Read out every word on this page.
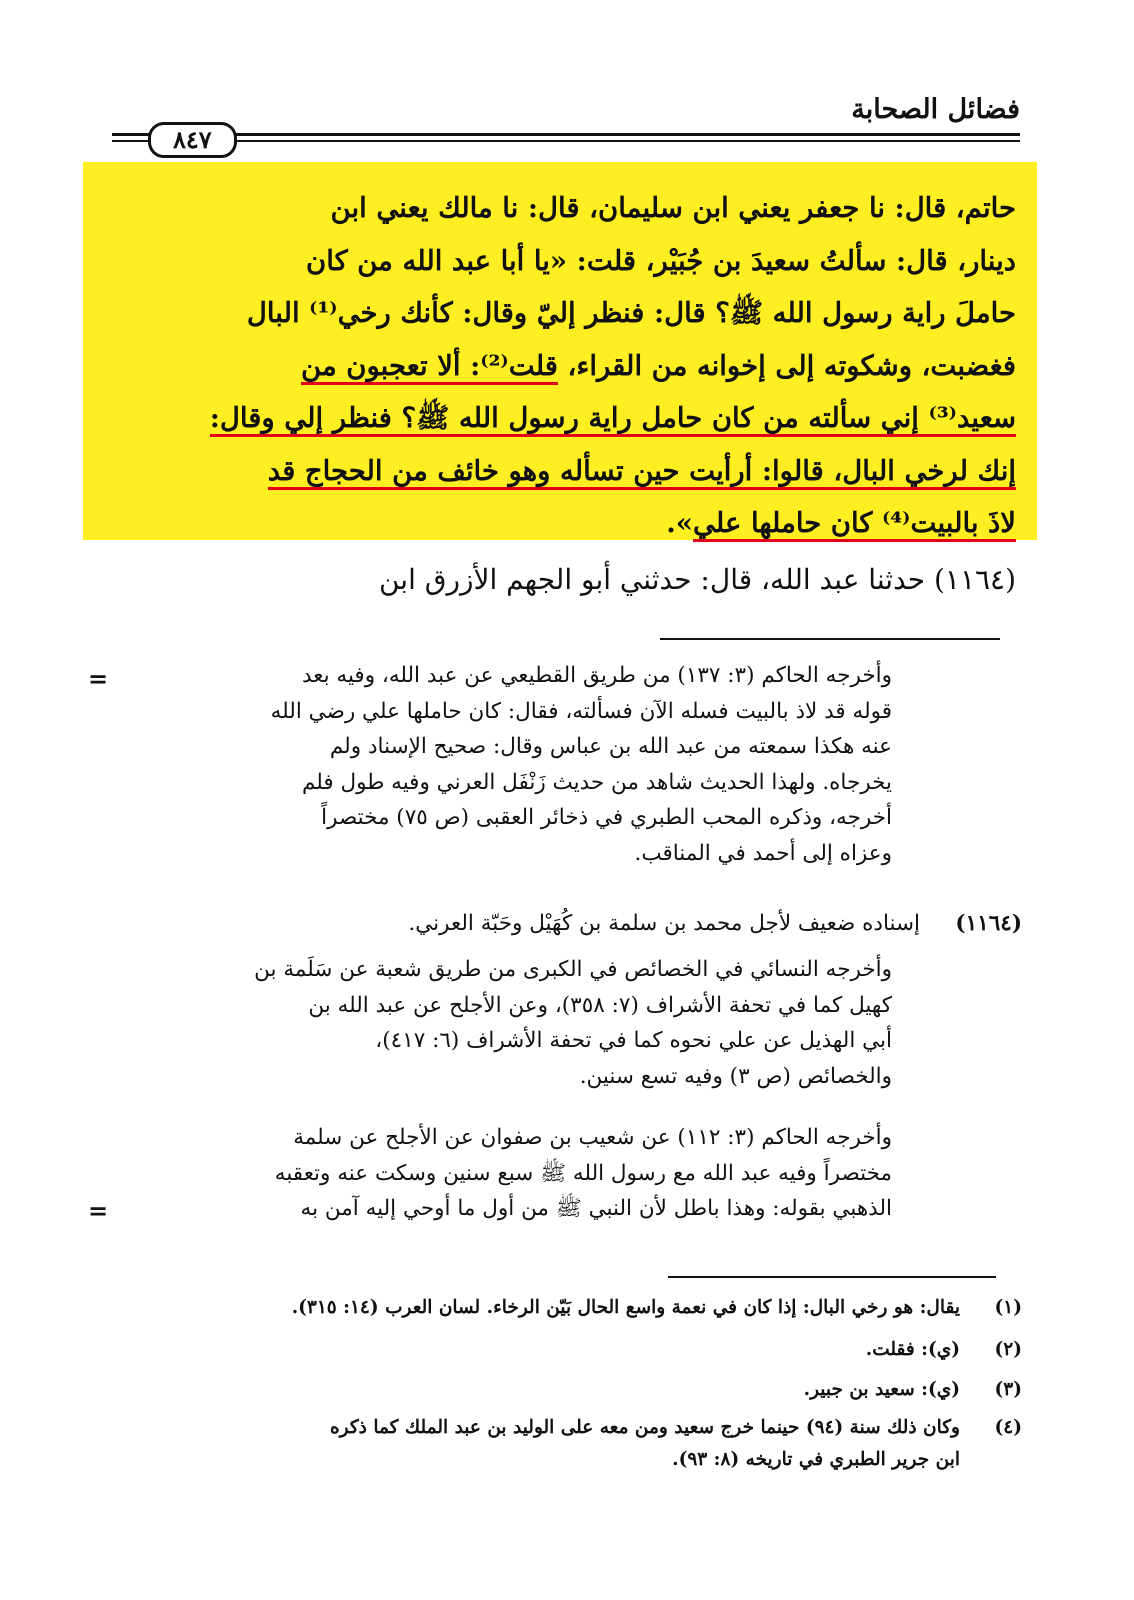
فضائل الصحابة
٨٤٧
حاتم، قال: نا جعفر يعني ابن سليمان، قال: نا مالك يعني ابن
دينار، قال: سألتُ سعيدَ بن جُبَيْر، قلت: «يا أبا عبد الله من كان
حاملَ راية رسول الله ﷺ؟ قال: فنظر إليّ وقال: كأنك رخي⁽¹⁾ البال
فغضبت، وشكوته إلى إخوانه من القراء، قلت⁽²⁾: ألا تعجبون من
سعيد⁽³⁾ إني سألته من كان حامل راية رسول الله ﷺ؟ فنظر إلي وقال:
إنك لرخي البال، قالوا: أرأيت حين تسأله وهو خائف من الحجاج قد
لاذَ بالبيت⁽⁴⁾ كان حاملها علي».
(١١٦٤) حدثنا عبد الله، قال: حدثني أبو الجهم الأزرق ابن
=	وأخرجه الحاكم (٣: ١٣٧) من طريق القطيعي عن عبد الله، وفيه بعد
قوله قد لاذ بالبيت فسله الآن فسألته، فقال: كان حاملها علي رضي الله
عنه هكذا سمعته من عبد الله بن عباس وقال: صحيح الإسناد ولم
يخرجاه. ولهذا الحديث شاهد من حديث زَنْفَل العرني وفيه طول فلم
أخرجه، وذكره المحب الطبري في ذخائر العقبى (ص ٧٥) مختصراً
وعزاه إلى أحمد في المناقب.
(١١٦٤)
إسناده ضعيف لأجل محمد بن سلمة بن كُهَيْل وحَبّة العرني.
وأخرجه النسائي في الخصائص في الكبرى من طريق شعبة عن سَلَمة بن
كهيل كما في تحفة الأشراف (٧: ٣٥٨)، وعن الأجلح عن عبد الله بن
أبي الهذيل عن علي نحوه كما في تحفة الأشراف (٦: ٤١٧)،
والخصائص (ص ٣) وفيه تسع سنين.
وأخرجه الحاكم (٣: ١١٢) عن شعيب بن صفوان عن الأجلح عن سلمة
مختصراً وفيه عبد الله مع رسول الله ﷺ سبع سنين وسكت عنه وتعقبه
الذهبي بقوله: وهذا باطل لأن النبي ﷺ من أول ما أوحي إليه آمن به
=
(١)
يقال: هو رخي البال: إذا كان في نعمة واسع الحال بَيّن الرخاء. لسان العرب (١٤: ٣١٥).
(٢)
(ي): فقلت.
(٣)
(ي): سعيد بن جبير.
(٤)
وكان ذلك سنة (٩٤) حينما خرج سعيد ومن معه على الوليد بن عبد الملك كما ذكره
ابن جرير الطبري في تاريخه (٨: ٩٣).
